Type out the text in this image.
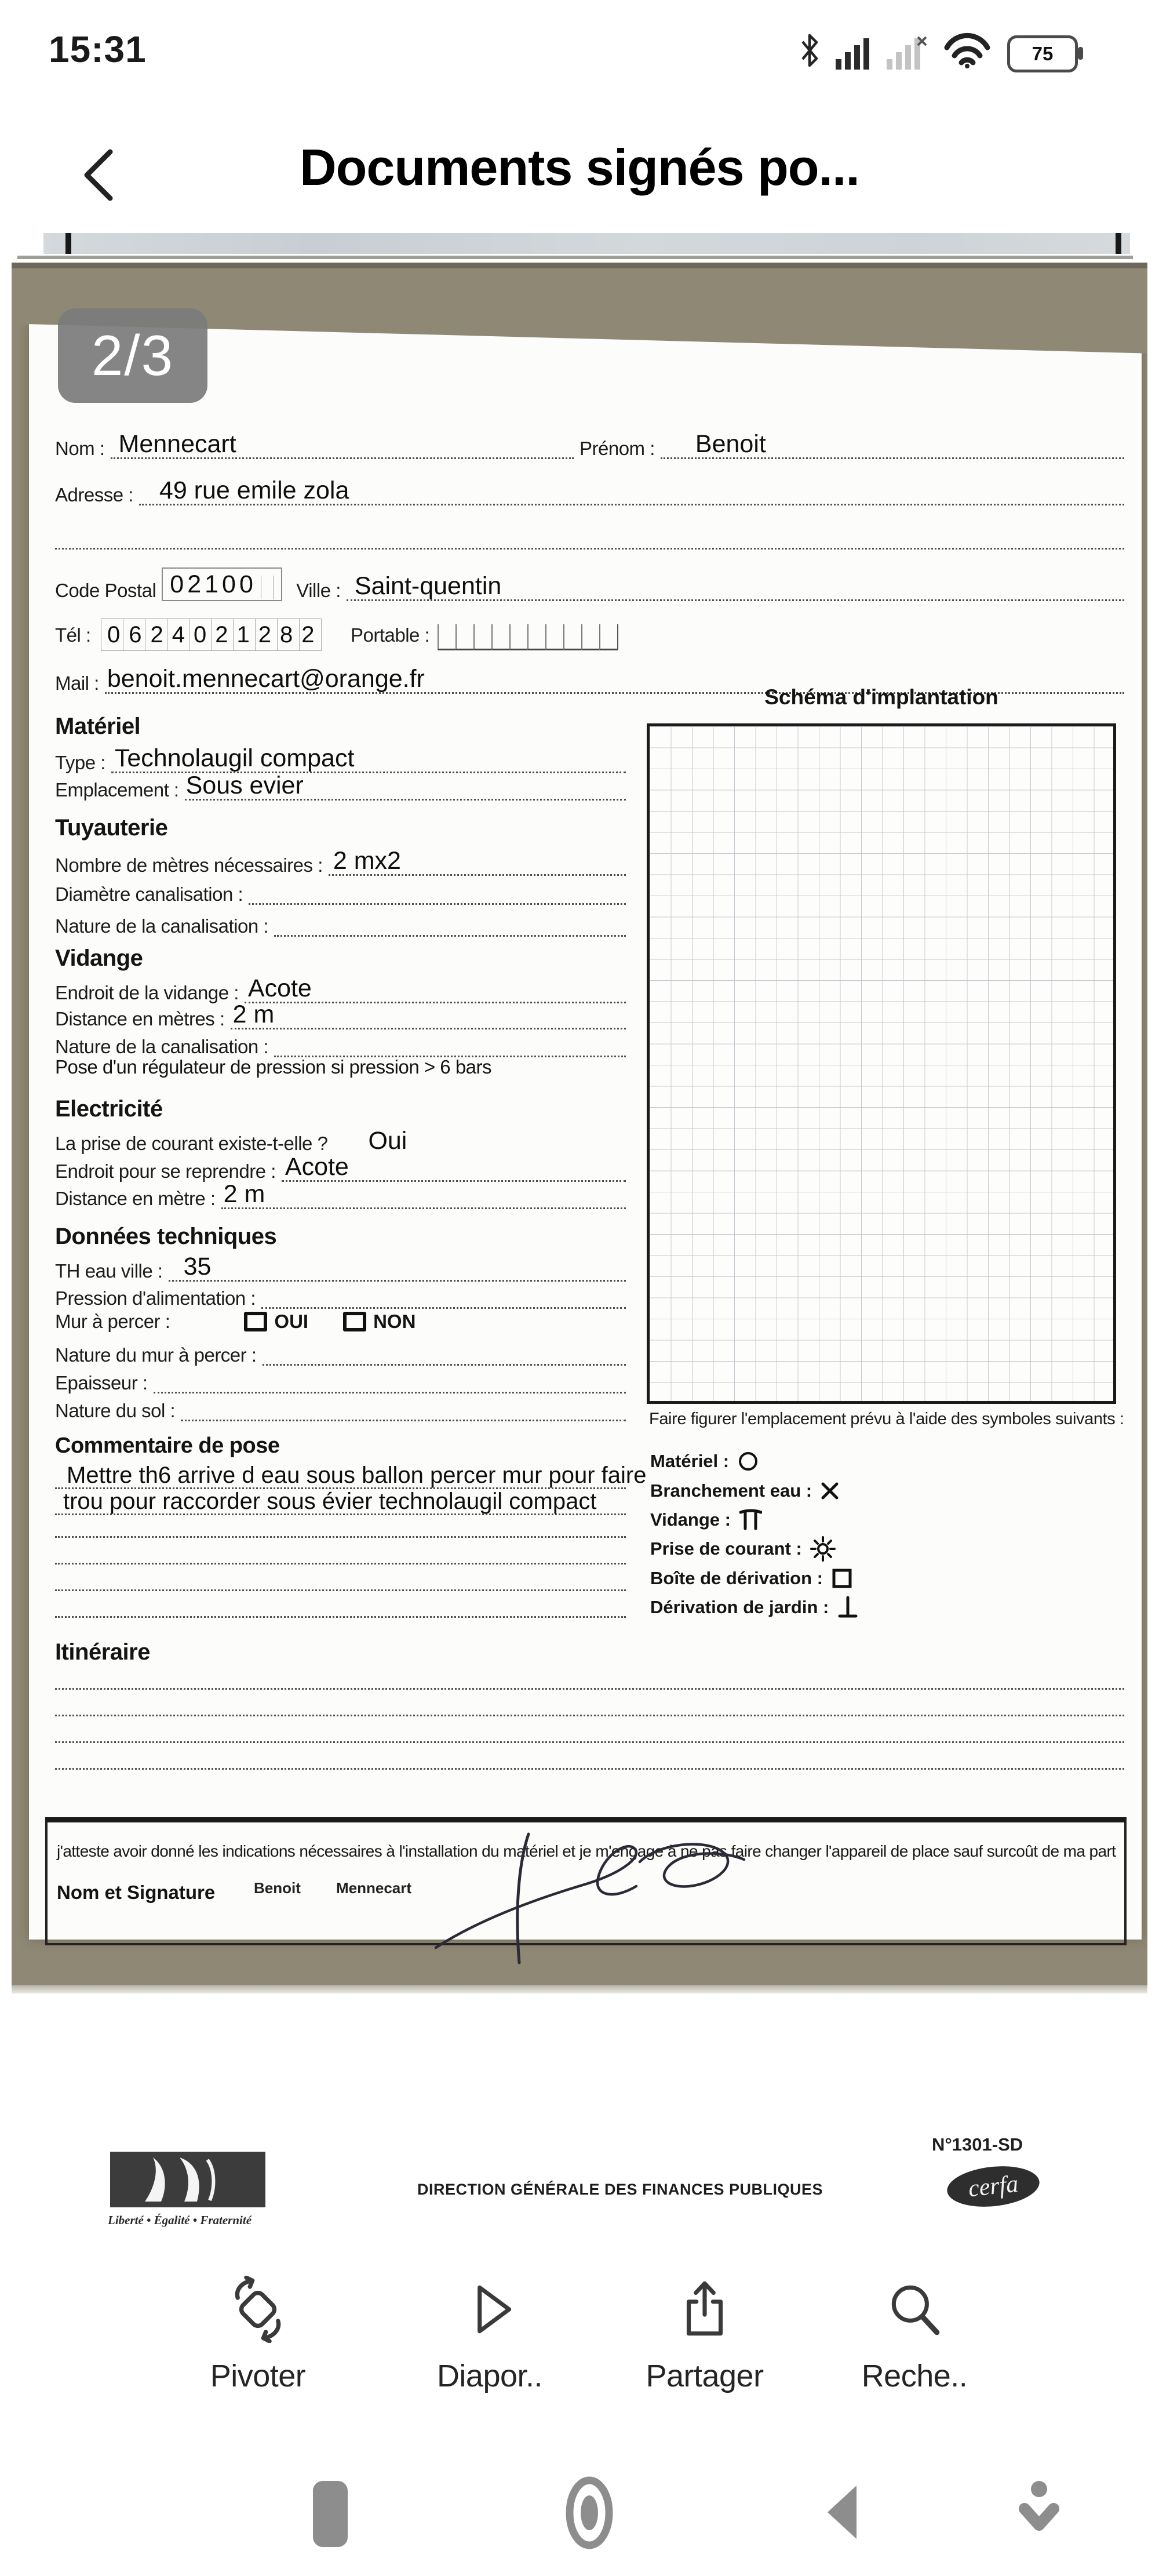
15:31	75
Documents signés po...
2/3
Nom : Mennecart	Prénom : Benoit
Adresse : 49 rue emile zola
Code Postal 02100 Ville : Saint-quentin
Tél : 0624021282 Portable :
Mail : benoit.mennecart@orange.fr
Matériel
Type : Technolaugil compact
Emplacement : Sous evier
Tuyauterie
Nombre de mètres nécessaires : 2 mx2
Diamètre canalisation :
Nature de la canalisation :
Vidange
Endroit de la vidange : Acote
Distance en mètres : 2 m
Nature de la canalisation :
Pose d'un régulateur de pression si pression > 6 bars
Electricité
La prise de courant existe-t-elle ? Oui
Endroit pour se reprendre : Acote
Distance en mètre : 2 m
Données techniques
TH eau ville : 35
Pression d'alimentation :
Mur à percer :	OUI	NON
Nature du mur à percer :
Epaisseur :
Nature du sol :
Commentaire de pose
Mettre th6 arrive d eau sous ballon percer mur pour faire
trou pour raccorder sous évier technolaugil compact
Itinéraire
Schéma d'implantation
Faire figurer l'emplacement prévu à l'aide des symboles suivants :
Matériel :
Branchement eau :
Vidange :
Prise de courant :
Boîte de dérivation :
Dérivation de jardin :
j'atteste avoir donné les indications nécessaires à l'installation du matériel et je m'engage à ne pas faire changer l'appareil de place sauf surcoût de ma part
Nom et Signature	Benoit Mennecart
Liberté • Égalité • Fraternité
DIRECTION GÉNÉRALE DES FINANCES PUBLIQUES
N°1301-SD
cerfa
Pivoter	Diapor..	Partager	Reche..
